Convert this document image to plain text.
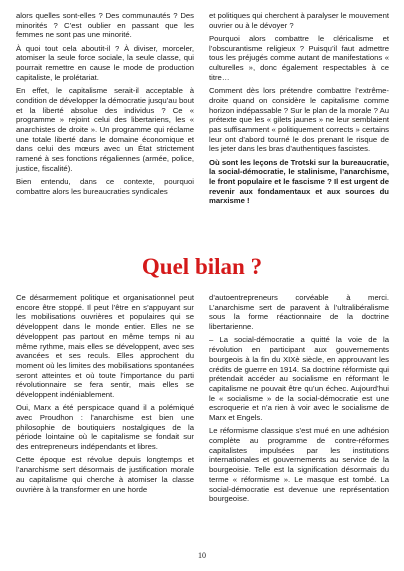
alors quelles sont-elles ? Des communautés ? Des minorités ? C’est oublier en passant que les femmes ne sont pas une minorité.

À quoi tout cela aboutit-il ? À diviser, morceler, atomiser la seule force sociale, la seule classe, qui pourrait remettre en cause le mode de production capitaliste, le prolétariat.

En effet, le capitalisme serait-il acceptable à condition de développer la démocratie jusqu’au bout et la liberté absolue des individus ? Ce « programme » rejoint celui des libertariens, les « anarchistes de droite ». Un programme qui réclame une totale liberté dans le domaine économique et dans celui des mœurs avec un État strictement ramené à ses fonctions régaliennes (armée, police, justice, fiscalité).

Bien entendu, dans ce contexte, pourquoi combattre alors les bureaucraties syndicales

et politiques qui cherchent à paralyser le mouvement ouvrier ou à le dévoyer ?

Pourquoi alors combattre le cléricalisme et l’obscurantisme religieux ? Puisqu’il faut admettre tous les préjugés comme autant de manifestations « culturelles », donc également respectables à ce titre…

Comment dès lors prétendre combattre l’extrême-droite quand on considère le capitalisme comme horizon indépassable ? Sur le plan de la morale ? Au prétexte que les « gilets jaunes » ne leur semblaient pas suffisamment « politiquement corrects » certains leur ont d’abord tourné le dos prenant le risque de les jeter dans les bras d’authentiques fascistes.

Où sont les leçons de Trotski sur la bureaucratie, la social-démocratie, le stalinisme, l’anarchisme, le front populaire et le fascisme ? Il est urgent de revenir aux fondamentaux et aux sources du marxisme !

Quel bilan ?

Ce désarmement politique et organisationnel peut encore être stoppé. Il peut l’être en s’appuyant sur les mobilisations ouvrières et populaires qui se développent dans le monde entier. Elles ne se développent pas partout en même temps ni au même rythme, mais elles se développent, avec ses avancées et ses reculs. Elles approchent du moment où les limites des mobilisations spontanées seront atteintes et où toute l’importance du parti révolutionnaire se fera sentir, mais elles se développent indéniablement.

Oui, Marx a été perspicace quand il a polémiqué avec Proudhon : l’anarchisme est bien une philosophie de boutiquiers nostalgiques de la période lointaine où le capitalisme se fondait sur des entrepreneurs indépendants et libres.

Cette époque est révolue depuis longtemps et l’anarchisme sert désormais de justification morale au capitalisme qui cherche à atomiser la classe ouvrière à la transformer en une horde

d’autoentrepreneurs corvéable à merci. L’anarchisme sert de paravent à l’ultralibéralisme sous la forme réactionnaire de la doctrine libertarienne.

– La social-démocratie a quitté la voie de la révolution en participant aux gouvernements bourgeois à la fin du XIXè siècle, en approuvant les crédits de guerre en 1914. Sa doctrine réformiste qui prétendait accéder au socialisme en réformant le capitalisme ne pouvait être qu’un échec. Aujourd’hui le « socialisme » de la social-démocratie est une escroquerie et n’a rien à voir avec le socialisme de Marx et Engels.

Le réformisme classique s’est mué en une adhésion complète au programme de contre-réformes capitalistes impulsées par les institutions internationales et gouvernements au service de la bourgeoisie. Telle est la signification désormais du terme « réformisme ». Le masque est tombé. La social-démocratie est devenue une représentation bourgeoise.

10
